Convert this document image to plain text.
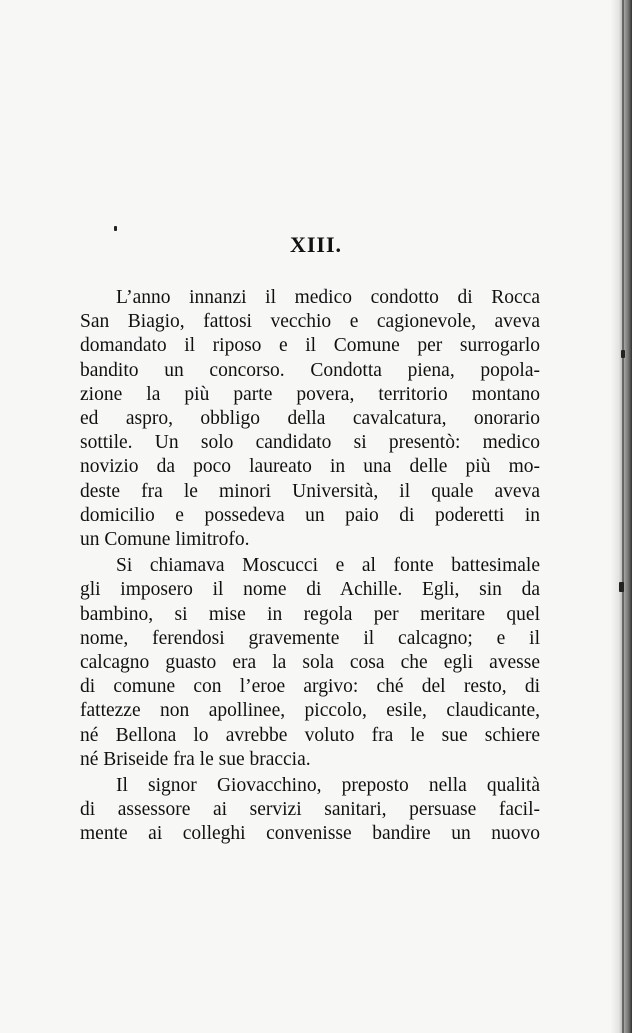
XIII.
L’anno innanzi il medico condotto di Rocca
San Biagio, fattosi vecchio e cagionevole, aveva
domandato il riposo e il Comune per surrogarlo
bandito un concorso. Condotta piena, popola-
zione la più parte povera, territorio montano
ed aspro, obbligo della cavalcatura, onorario
sottile. Un solo candidato si presentò: medico
novizio da poco laureato in una delle più mo-
deste fra le minori Università, il quale aveva
domicilio e possedeva un paio di poderetti in
un Comune limitrofo.
Si chiamava Moscucci e al fonte battesimale
gli imposero il nome di Achille. Egli, sin da
bambino, si mise in regola per meritare quel
nome, ferendosi gravemente il calcagno; e il
calcagno guasto era la sola cosa che egli avesse
di comune con l’eroe argivo: ché del resto, di
fattezze non apollinee, piccolo, esile, claudicante,
né Bellona lo avrebbe voluto fra le sue schiere
né Briseide fra le sue braccia.
Il signor Giovacchino, preposto nella qualità
di assessore ai servizi sanitari, persuase facil-
mente ai colleghi convenisse bandire un nuovo
